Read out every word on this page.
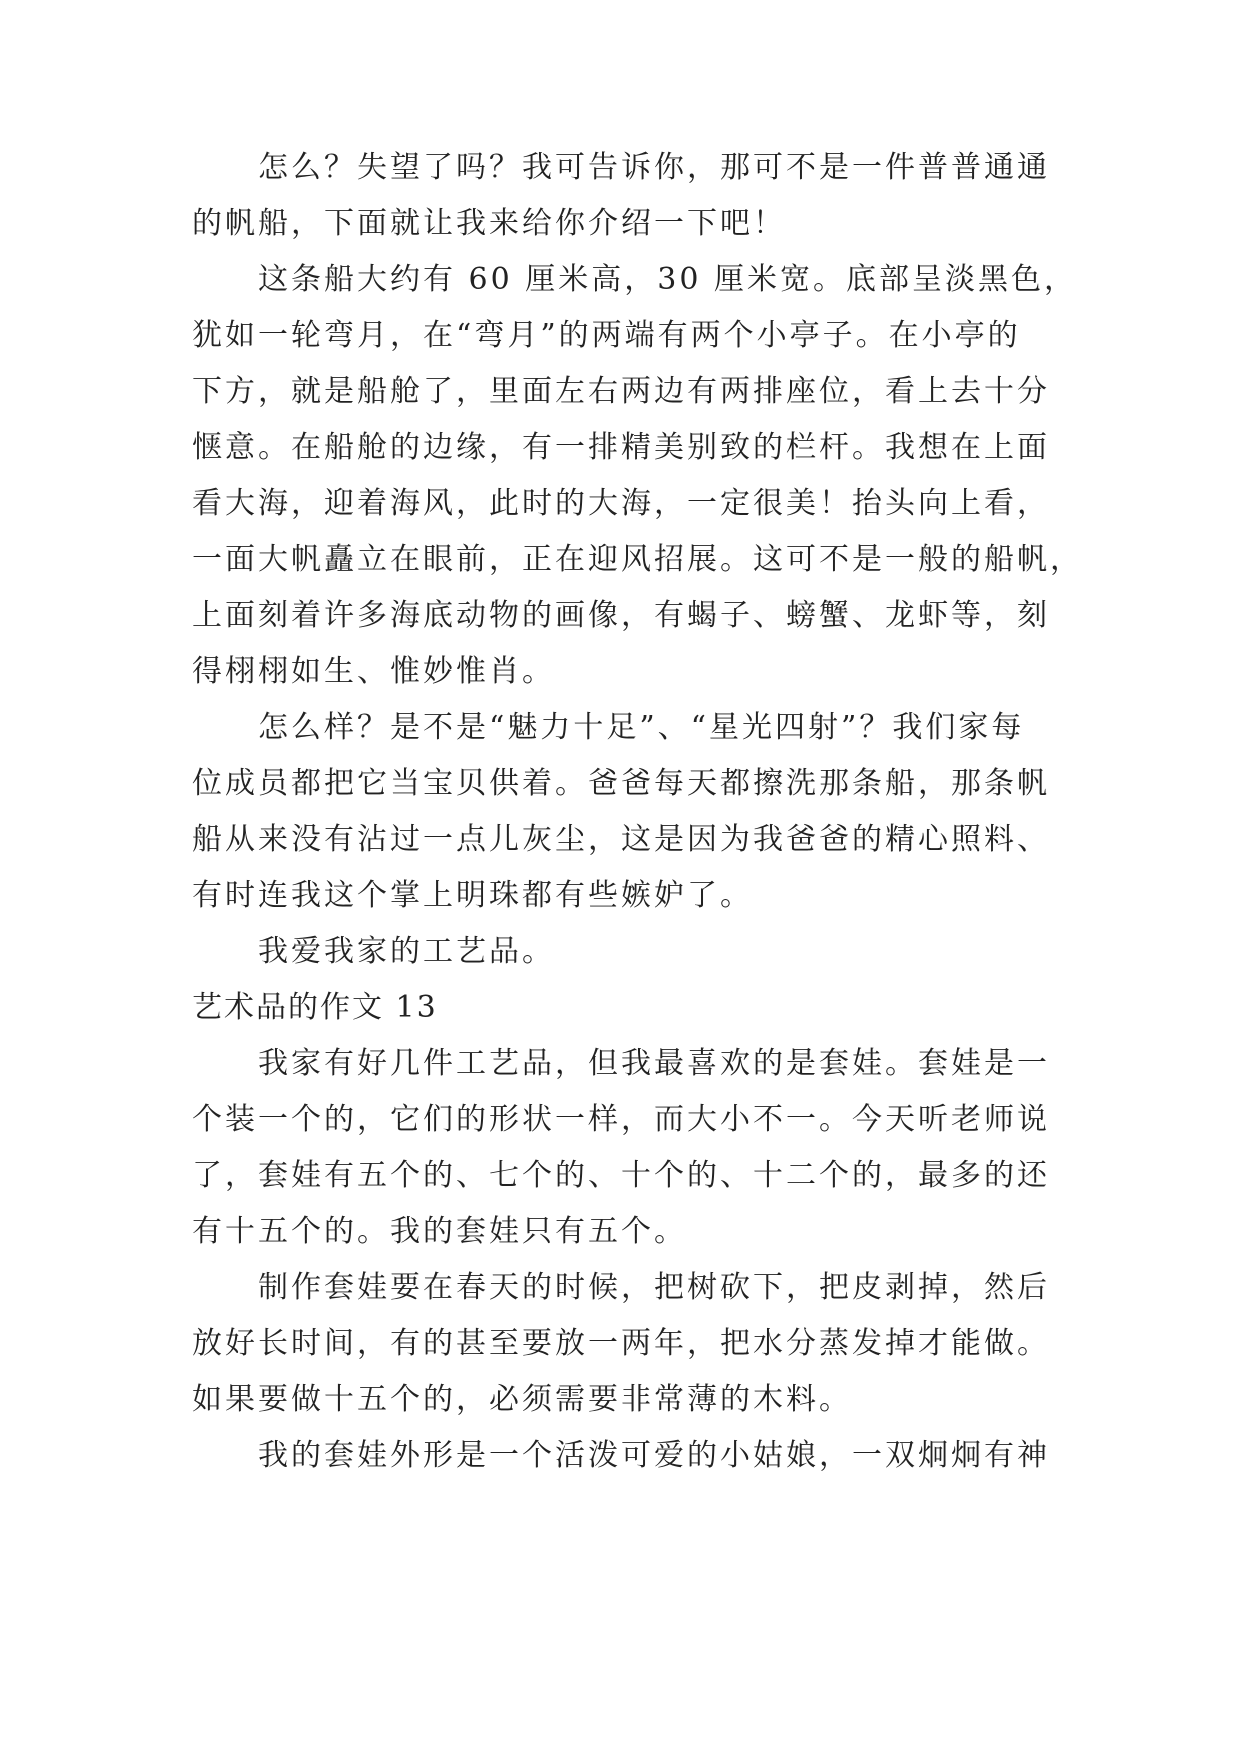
怎么？失望了吗？我可告诉你，那可不是一件普普通通
的帆船，下面就让我来给你介绍一下吧！
这条船大约有 60 厘米高，30 厘米宽。底部呈淡黑色，
犹如一轮弯月，在“弯月”的两端有两个小亭子。在小亭的
下方，就是船舱了，里面左右两边有两排座位，看上去十分
惬意。在船舱的边缘，有一排精美别致的栏杆。我想在上面
看大海，迎着海风，此时的大海，一定很美！抬头向上看，
一面大帆矗立在眼前，正在迎风招展。这可不是一般的船帆，
上面刻着许多海底动物的画像，有蝎子、螃蟹、龙虾等，刻
得栩栩如生、惟妙惟肖。
怎么样？是不是“魅力十足”、“星光四射”？我们家每
位成员都把它当宝贝供着。爸爸每天都擦洗那条船，那条帆
船从来没有沾过一点儿灰尘，这是因为我爸爸的精心照料、
有时连我这个掌上明珠都有些嫉妒了。
我爱我家的工艺品。
艺术品的作文 13
我家有好几件工艺品，但我最喜欢的是套娃。套娃是一
个装一个的，它们的形状一样，而大小不一。今天听老师说
了，套娃有五个的、七个的、十个的、十二个的，最多的还
有十五个的。我的套娃只有五个。
制作套娃要在春天的时候，把树砍下，把皮剥掉，然后
放好长时间，有的甚至要放一两年，把水分蒸发掉才能做。
如果要做十五个的，必须需要非常薄的木料。
我的套娃外形是一个活泼可爱的小姑娘，一双炯炯有神
